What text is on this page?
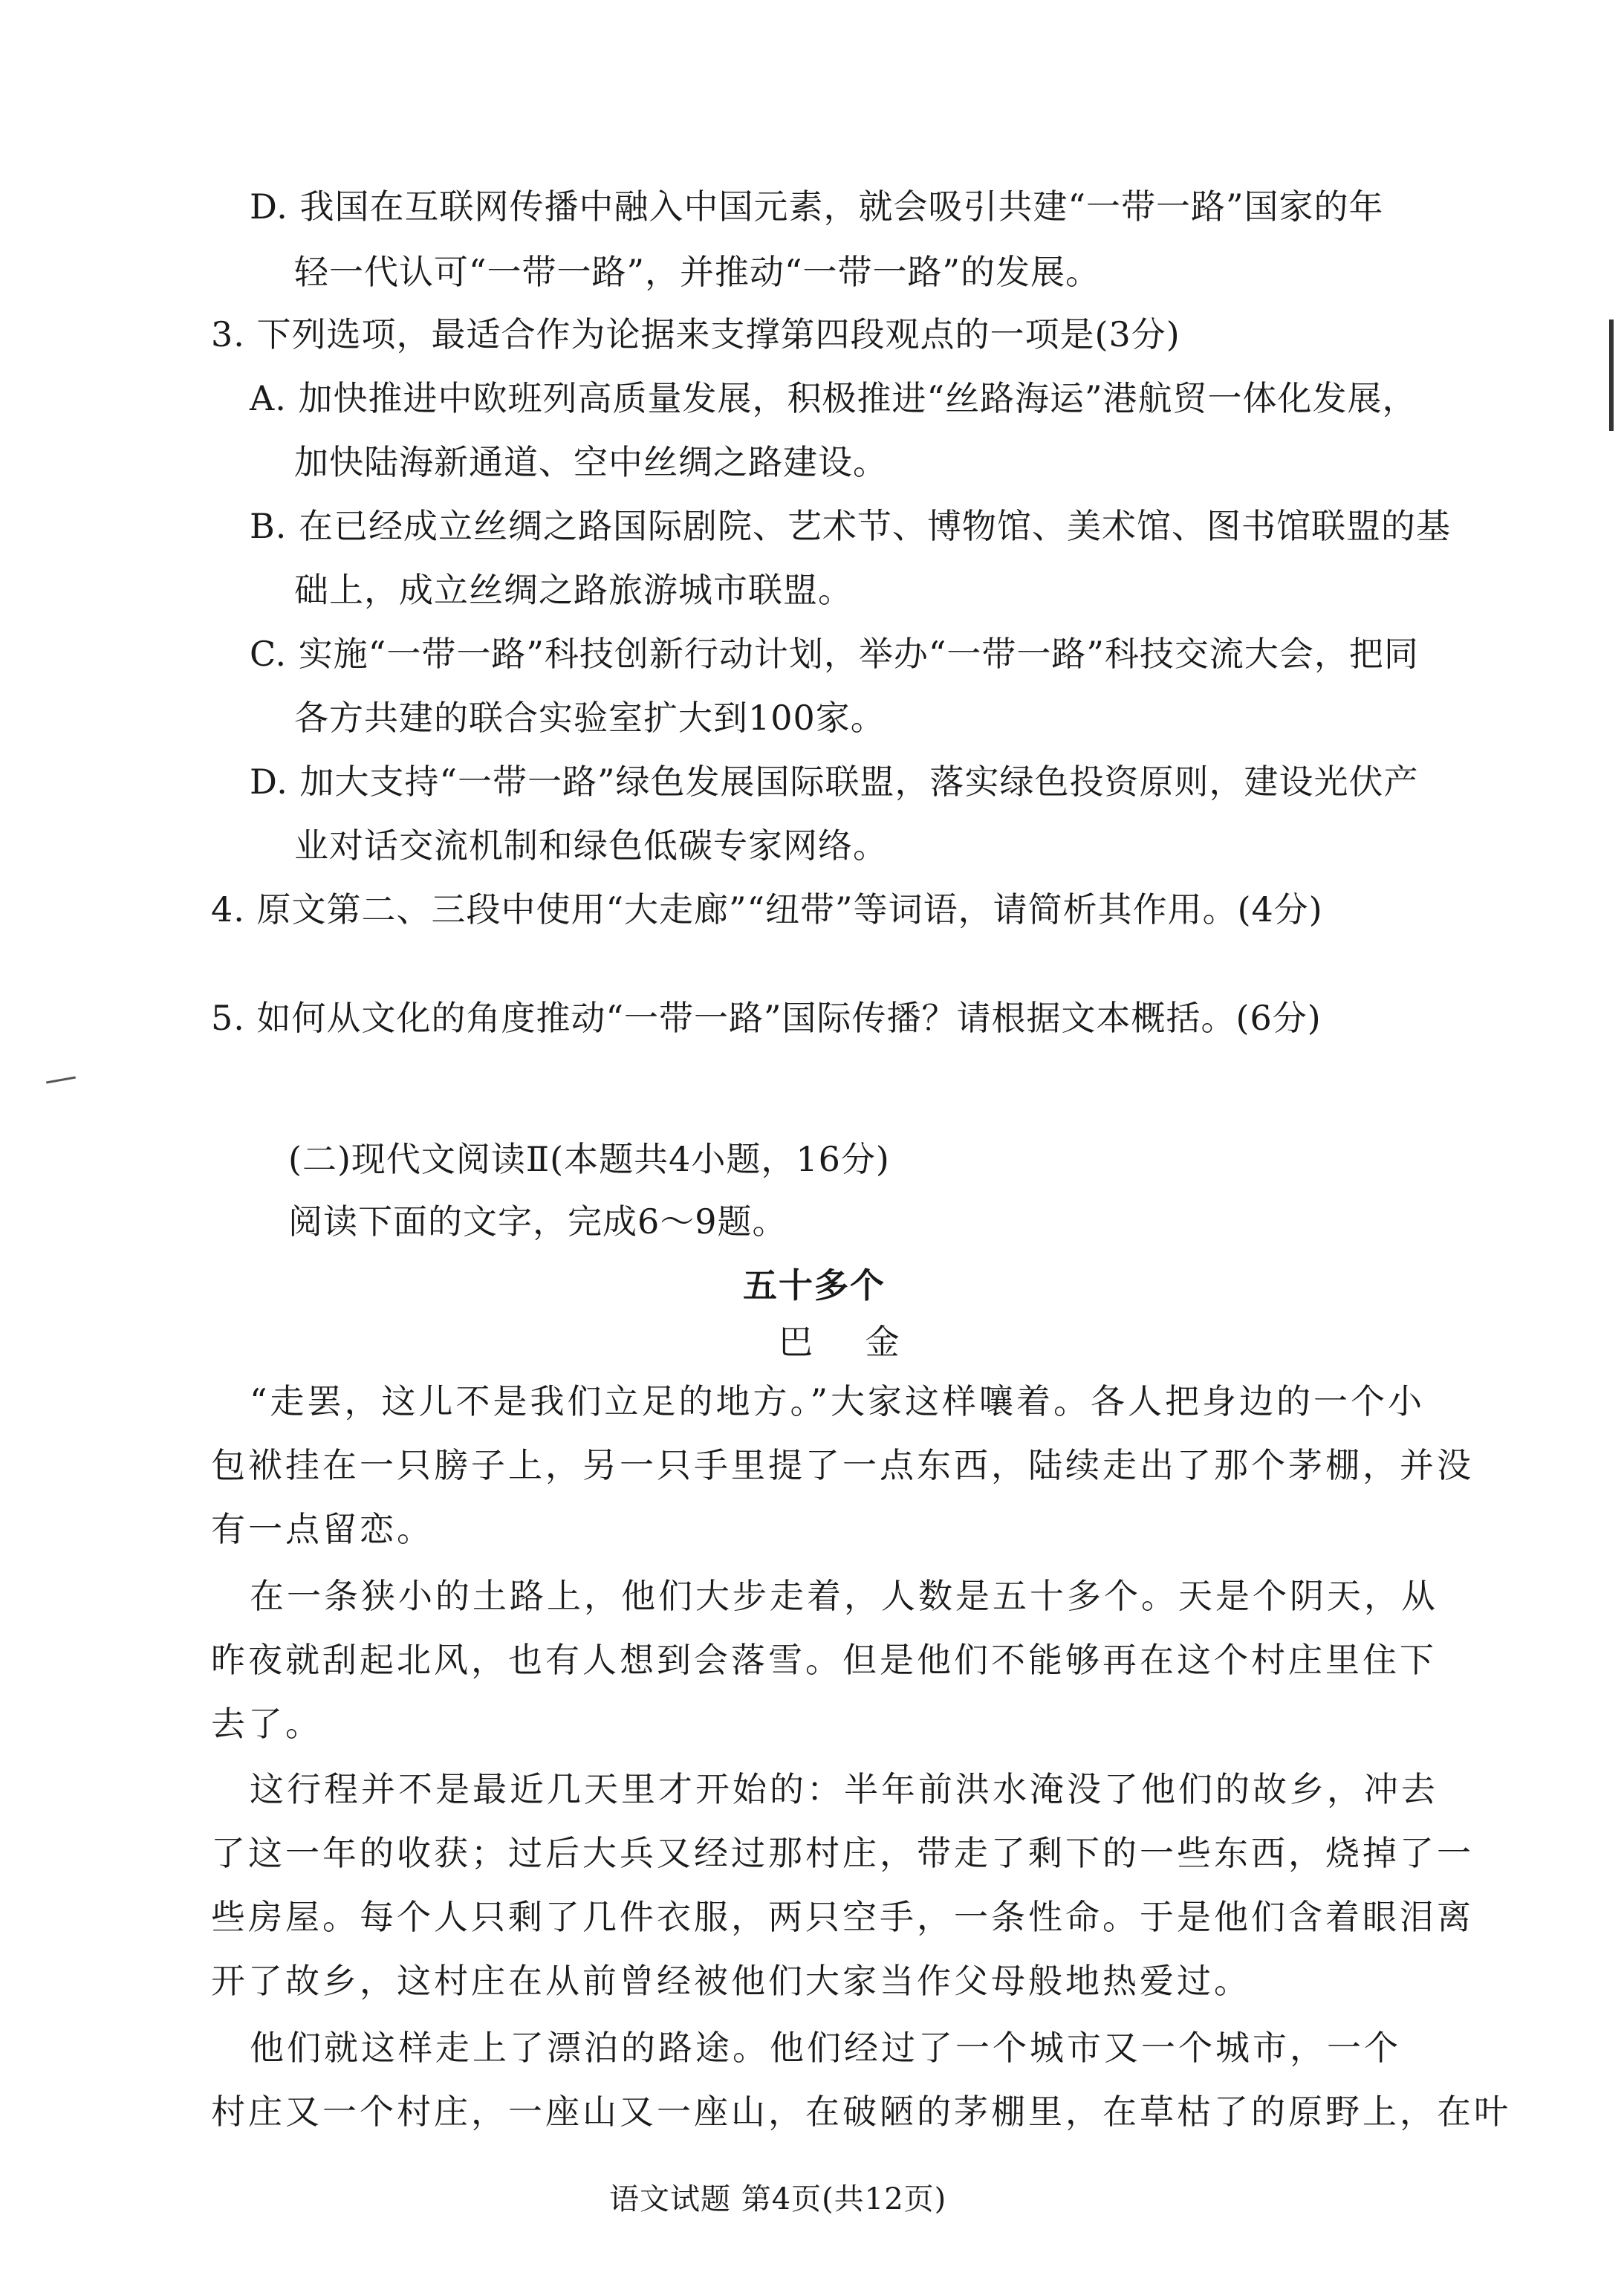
D. 我国在互联网传播中融入中国元素，就会吸引共建“一带一路”国家的年
轻一代认可“一带一路”，并推动“一带一路”的发展。
3. 下列选项，最适合作为论据来支撑第四段观点的一项是(3分)
A. 加快推进中欧班列高质量发展，积极推进“丝路海运”港航贸一体化发展，
加快陆海新通道、空中丝绸之路建设。
B. 在已经成立丝绸之路国际剧院、艺术节、博物馆、美术馆、图书馆联盟的基
础上，成立丝绸之路旅游城市联盟。
C. 实施“一带一路”科技创新行动计划，举办“一带一路”科技交流大会，把同
各方共建的联合实验室扩大到100家。
D. 加大支持“一带一路”绿色发展国际联盟，落实绿色投资原则，建设光伏产
业对话交流机制和绿色低碳专家网络。
4. 原文第二、三段中使用“大走廊”“纽带”等词语，请简析其作用。(4分)
5. 如何从文化的角度推动“一带一路”国际传播？请根据文本概括。(6分)
(二)现代文阅读Ⅱ(本题共4小题，16分)
阅读下面的文字，完成6～9题。
五十多个
巴 金
“走罢，这儿不是我们立足的地方。”大家这样嚷着。各人把身边的一个小
包袱挂在一只膀子上，另一只手里提了一点东西，陆续走出了那个茅棚，并没
有一点留恋。
在一条狭小的土路上，他们大步走着，人数是五十多个。天是个阴天，从
昨夜就刮起北风，也有人想到会落雪。但是他们不能够再在这个村庄里住下
去了。
这行程并不是最近几天里才开始的：半年前洪水淹没了他们的故乡，冲去
了这一年的收获；过后大兵又经过那村庄，带走了剩下的一些东西，烧掉了一
些房屋。每个人只剩了几件衣服，两只空手，一条性命。于是他们含着眼泪离
开了故乡，这村庄在从前曾经被他们大家当作父母般地热爱过。
他们就这样走上了漂泊的路途。他们经过了一个城市又一个城市，一个
村庄又一个村庄，一座山又一座山，在破陋的茅棚里，在草枯了的原野上，在叶
语文试题 第4页(共12页)
